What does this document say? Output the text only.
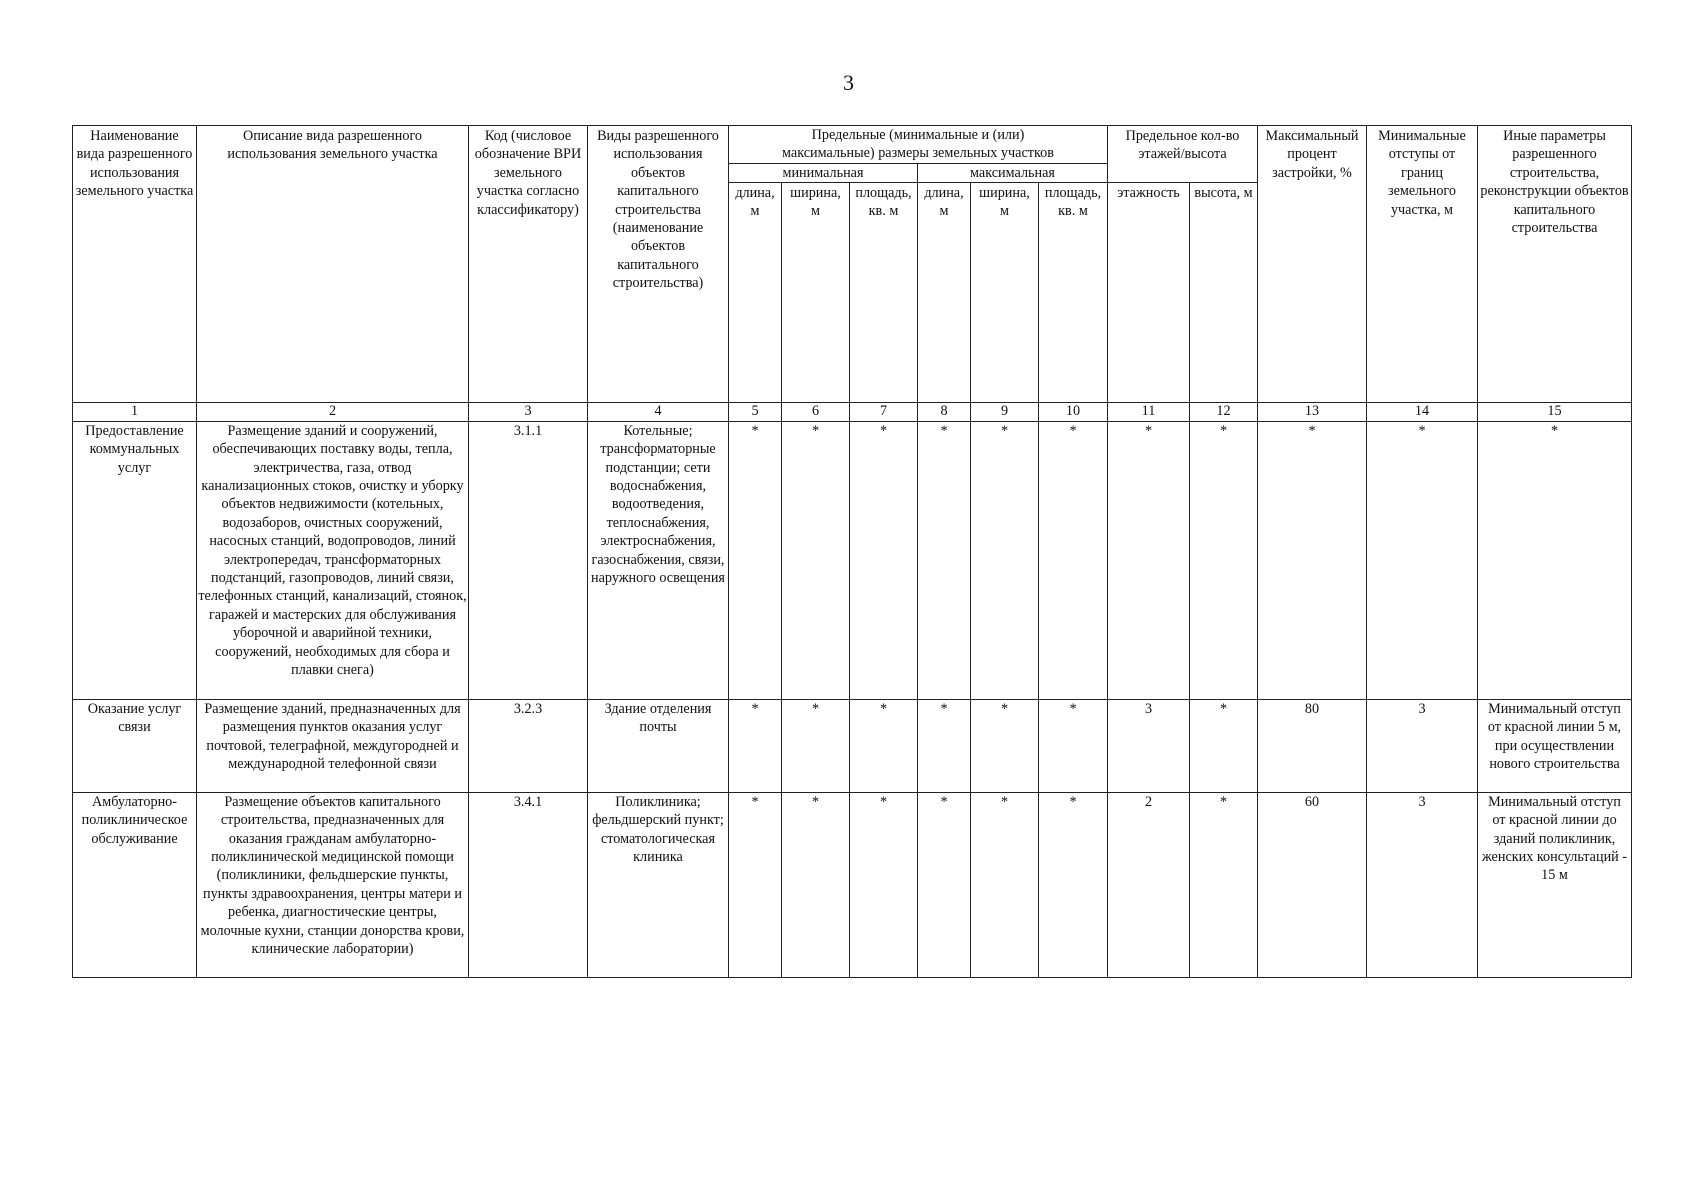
3
Наименование вида разрешенного использования земельного участка	Описание вида разрешенного использования земельного участка	Код (числовое обозначение ВРИ земельного участка согласно классификатору)	Виды разрешенного использования объектов капитального строительства (наименование объектов капитального строительства)	Предельные (минимальные и (или) максимальные) размеры земельных участков						Предельное кол-во этажей/высота		Максимальный процент застройки, %	Минимальные отступы от границ земельного участка, м	Иные параметры разрешенного строительства, реконструкции объектов капитального строительства
				минимальная			максимальная							
				длина, м	ширина, м	площадь, кв. м	длина, м	ширина, м	площадь, кв. м	этажность	высота, м			
1	2	3	4	5	6	7	8	9	10	11	12	13	14	15
Предоставление коммунальных услуг	Размещение зданий и сооружений, обеспечивающих поставку воды, тепла, электричества, газа, отвод канализационных стоков, очистку и уборку объектов недвижимости (котельных, водозаборов, очистных сооружений, насосных станций, водопроводов, линий электропередач, трансформаторных подстанций, газопроводов, линий связи, телефонных станций, канализаций, стоянок, гаражей и мастерских для обслуживания уборочной и аварийной техники, сооружений, необходимых для сбора и плавки снега)	3.1.1	Котельные; трансформаторные подстанции; сети водоснабжения, водоотведения, теплоснабжения, электроснабжения, газоснабжения, связи, наружного освещения	*	*	*	*	*	*	*	*	*	*	*
Оказание услуг связи	Размещение зданий, предназначенных для размещения пунктов оказания услуг почтовой, телеграфной, междугородней и международной телефонной связи	3.2.3	Здание отделения почты	*	*	*	*	*	*	3	*	80	3	Минимальный отступ от красной линии 5 м, при осуществлении нового строительства
Амбулаторно-поликлиническое обслуживание	Размещение объектов капитального строительства, предназначенных для оказания гражданам амбулаторно-поликлинической медицинской помощи (поликлиники, фельдшерские пункты, пункты здравоохранения, центры матери и ребенка, диагностические центры, молочные кухни, станции донорства крови, клинические лаборатории)	3.4.1	Поликлиника; фельдшерский пункт; стоматологическая клиника	*	*	*	*	*	*	2	*	60	3	Минимальный отступ от красной линии до зданий поликлиник, женских консультаций - 15 м
